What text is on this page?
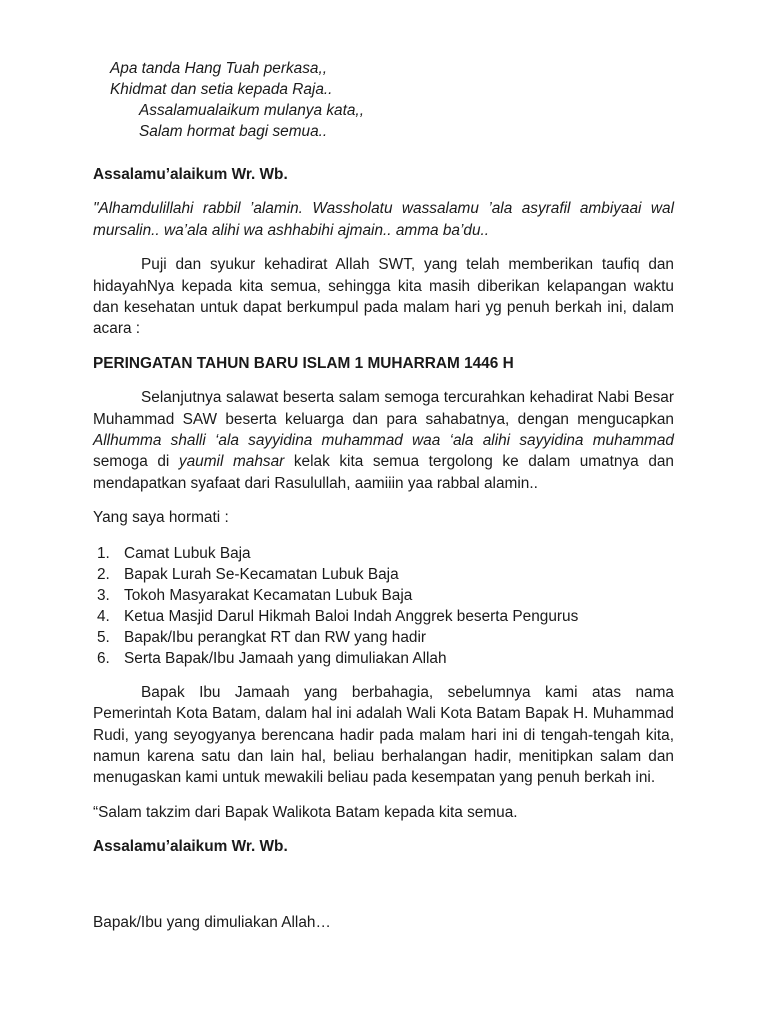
Apa tanda Hang Tuah perkasa,,
Khidmat dan setia kepada Raja..
Assalamualaikum mulanya kata,,
Salam hormat bagi semua..

Assalamu’alaikum Wr. Wb.

"Alhamdulillahi rabbil ’alamin. Wassholatu wassalamu ’ala asyrafil ambiyaai wal mursalin.. wa’ala alihi wa ashhabihi ajmain.. amma ba’du..

Puji dan syukur kehadirat Allah SWT, yang telah memberikan taufiq dan hidayahNya kepada kita semua, sehingga kita masih diberikan kelapangan waktu dan kesehatan untuk dapat berkumpul pada malam hari yg penuh berkah ini, dalam acara :

PERINGATAN TAHUN BARU ISLAM 1 MUHARRAM 1446 H

Selanjutnya salawat beserta salam semoga tercurahkan kehadirat Nabi Besar Muhammad SAW beserta keluarga dan para sahabatnya, dengan mengucapkan Allhumma shalli ‘ala sayyidina muhammad waa ‘ala alihi sayyidina muhammad semoga di yaumil mahsar kelak kita semua tergolong ke dalam umatnya dan mendapatkan syafaat dari Rasulullah, aamiiin yaa rabbal alamin..

Yang saya hormati :

1. Camat Lubuk Baja
2. Bapak Lurah Se-Kecamatan Lubuk Baja
3. Tokoh Masyarakat Kecamatan Lubuk Baja
4. Ketua Masjid Darul Hikmah Baloi Indah Anggrek beserta Pengurus
5. Bapak/Ibu perangkat RT dan RW yang hadir
6. Serta Bapak/Ibu Jamaah yang dimuliakan Allah

Bapak Ibu Jamaah yang berbahagia, sebelumnya kami atas nama Pemerintah Kota Batam, dalam hal ini adalah Wali Kota Batam Bapak H. Muhammad Rudi, yang seyogyanya berencana hadir pada malam hari ini di tengah-tengah kita, namun karena satu dan lain hal, beliau berhalangan hadir, menitipkan salam dan menugaskan kami untuk mewakili beliau pada kesempatan yang penuh berkah ini.

“Salam takzim dari Bapak Walikota Batam kepada kita semua.

Assalamu’alaikum Wr. Wb.

Bapak/Ibu yang dimuliakan Allah…
